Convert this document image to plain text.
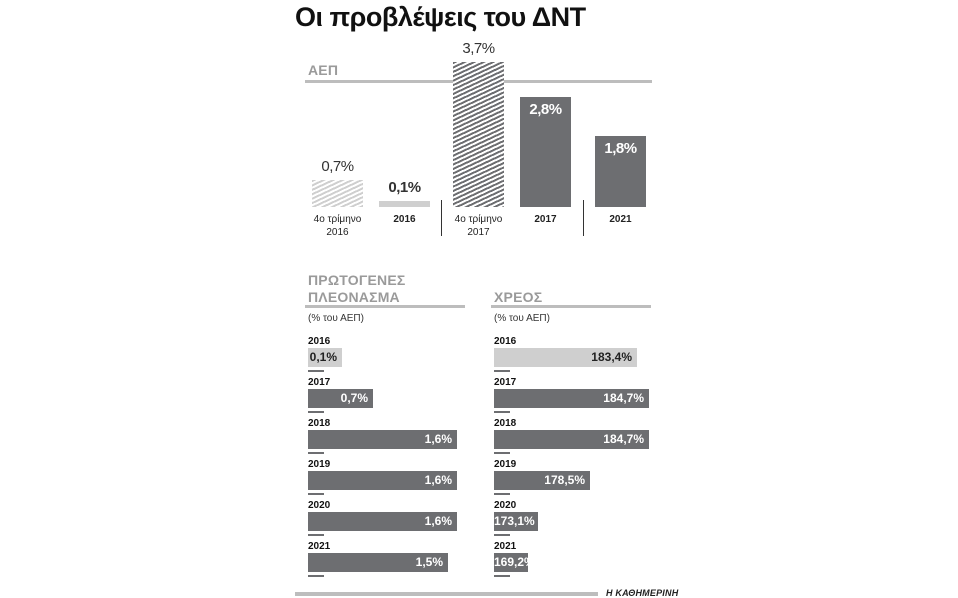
Οι προβλέψεις του ΔΝΤ
ΑΕΠ
0,7%
4ο τρίμηνο
2016
0,1%
2016
3,7%
4ο τρίμηνο
2017
2,8%
2017
1,8%
2021
ΠΡΩΤΟΓΕΝΕΣ
ΠΛΕΟΝΑΣΜΑ
(% του ΑΕΠ)
2016
0,1%
2017
0,7%
2018
1,6%
2019
1,6%
2020
1,6%
2021
1,5%
ΧΡΕΟΣ
(% του ΑΕΠ)
2016
183,4%
2017
184,7%
2018
184,7%
2019
178,5%
2020
173,1%
2021
169,2%
Η ΚΑΘΗΜΕΡΙΝΗ
